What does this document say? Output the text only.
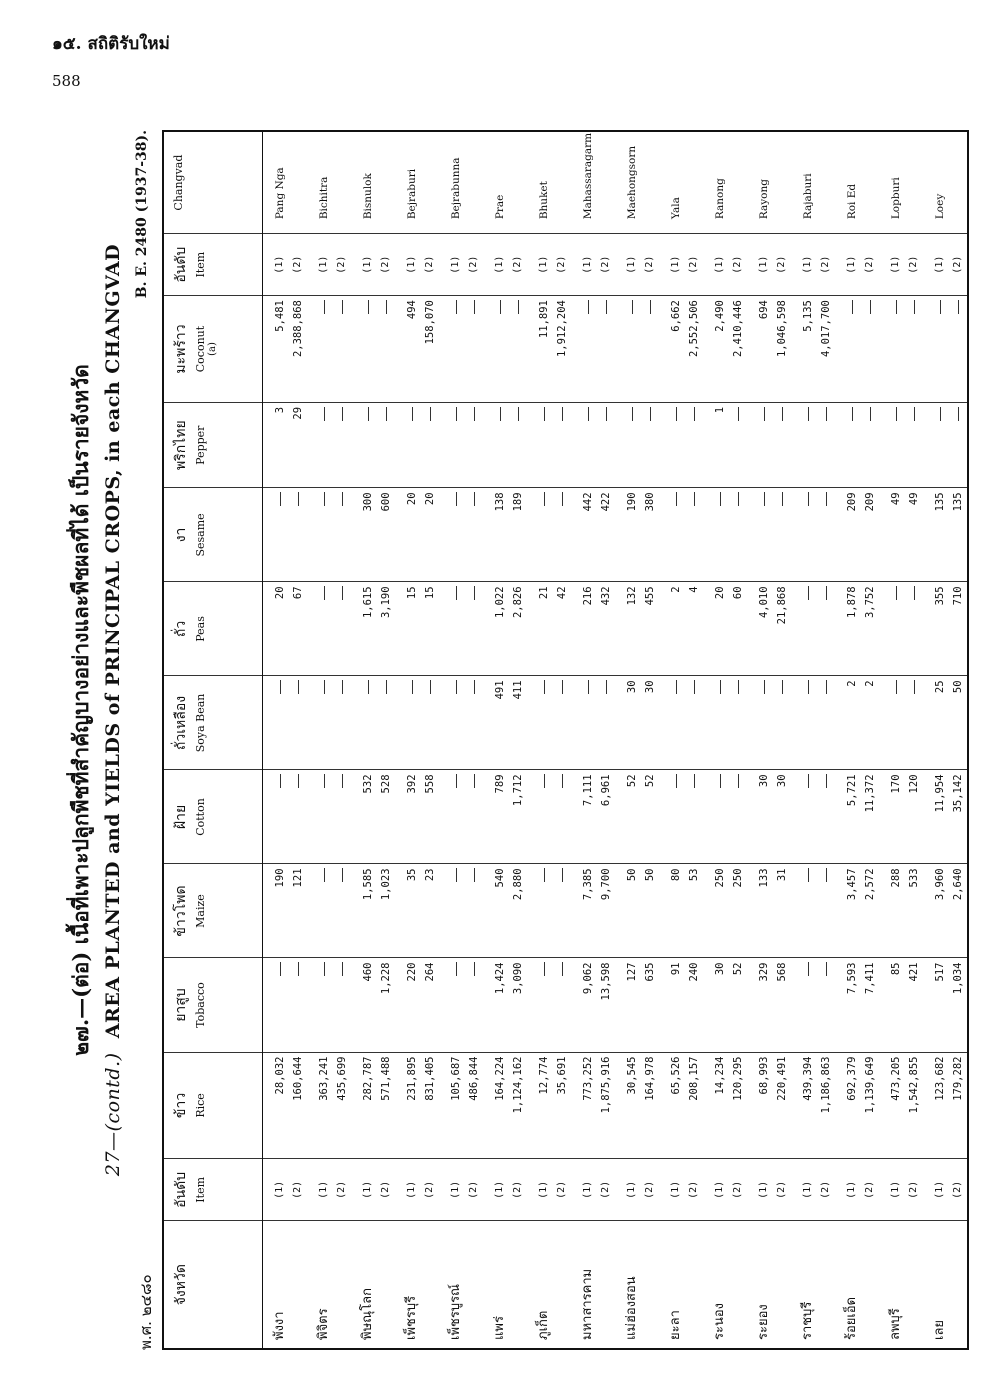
๑๕. สถิติรับใหม่
588
๒๗.—(ต่อ) เนื้อที่เพาะปลูกพืชที่สำคัญบางอย่างและพืชผลที่ได้ เป็นรายจังหวัด
27—(contd.)  AREA PLANTED and YIELDS of PRINCIPAL CROPS, in each CHANGVAD
พ.ศ. ๒๔๘๐
B. E. 2480 (1937-38).
จังหวัด	อันดับ Item	ข้าว Rice	ยาสูบ Tobacco	ข้าวโพด Maize	ฝ้าย Cotton	ถั่วเหลือง Soya Bean	ถั่ว Peas	งา Sesame	พริกไทย Pepper	มะพร้าว Coconut (a)	อันดับ Item	Changvad

พังงา	(1)	28,032		190			20		3	5,481	(1)	Pang Nga
	(2)	160,644		121			67		29	2,388,868	(2)	
พิจิตร	(1)	363,241									(1)	Bichitra
	(2)	435,699									(2)	
พิษณุโลก	(1)	282,787	460	1,585	532		1,615	300			(1)	Bisnulok
	(2)	571,488	1,228	1,023	528		3,190	600			(2)	
เพ็ชรบุรี	(1)	231,895	220	35	392		15	20		494	(1)	Bejraburi
	(2)	831,405	264	23	558		15	20		158,070	(2)	
เพ็ชรบูรณ์	(1)	105,687									(1)	Bejrabunna
	(2)	486,844									(2)	
แพร่	(1)	164,224	1,424	540	789	491	1,022	138			(1)	Prae
	(2)	1,124,162	3,090	2,880	1,712	411	2,826	189			(2)	
ภูเก็ต	(1)	12,774					21			11,891	(1)	Bhuket
	(2)	35,691					42			1,912,204	(2)	
มหาสารคาม	(1)	773,252	9,062	7,385	7,111		216	442			(1)	Mahassaragarm
	(2)	1,875,916	13,598	9,700	6,961		432	422			(2)	
แม่ฮ่องสอน	(1)	30,545	127	50	52	30	132	190			(1)	Maehongsorn
	(2)	164,978	635	50	52	30	455	380			(2)	
ยะลา	(1)	65,526	91	80			2			6,662	(1)	Yala
	(2)	208,157	240	53			4			2,552,506	(2)	
ระนอง	(1)	14,234	30	250			20		1	2,490	(1)	Ranong
	(2)	120,295	52	250			60			2,410,446	(2)	
ระยอง	(1)	68,993	329	133	30		4,010			694	(1)	Rayong
	(2)	220,491	568	31	30		21,868			1,046,598	(2)	
ราชบุรี	(1)	439,394								5,135	(1)	Rajaburi
	(2)	1,186,863								4,017,700	(2)	
ร้อยเอ็ด	(1)	692,379	7,593	3,457	5,721	2	1,878	209			(1)	Roi Ed
	(2)	1,139,649	7,411	2,572	11,372	2	3,752	209			(2)	
ลพบุรี	(1)	473,205	85	288	170			49			(1)	Lopburi
	(2)	1,542,855	421	533	120			49			(2)	
เลย	(1)	123,682	517	3,960	11,954	25	355	135			(1)	Loey
	(2)	179,282	1,034	2,640	35,142	50	710	135			(2)	
